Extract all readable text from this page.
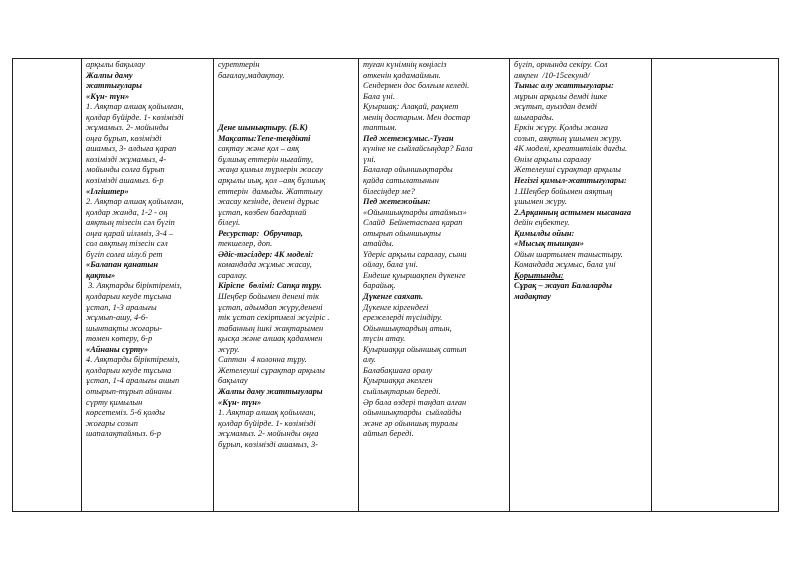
арқылы бақылау
Жалпы даму
жаттығулары
«Күн- түн»
1. Аяқтар алшақ қойылған,
қолдар бүйірде. 1- көзімізді
жұмамыз. 2- мойынды
оңға бұрып, көзімізді
ашамыз, 3- алдыға қарап
көзімізді жұмамыз, 4-
мойынды солға бұрып
көзімізді ашамыз. 6-р
«Ілгіштер»
2. Аяқтар алшақ қойылған,
қолдар жанда, 1-2 - оң
аяқтың тізесін сәл бүгіп
оңға қарай иіләміз, 3-4 –
сол аяқтың тізесін сәл
бүгіп солға иілу.6 рет
«Балапан қанатын
қақты»
3. Аяқтарды біріктіреміз,
қолдарыи кеуде тұсына
ұстап, 1-3 аралығы
жұмып-ашу, 4-6-
шынтақты жоғары-
төмен көтеру, 6-р
«Айнаны сүрту»
4. Аяқтарды біріктіреміз,
қолдарыи кеуде тұсына
ұстап, 1-4 аралығы ашып
отырып-тұрып айнаны
сүрту қимылын
көрсетеміз. 5-6 қолды
жоғары созып
шапалақтаймыз. 6-р

суреттерін
бағалау,мадақтау.

Дене шынықтыру. (Б.К)
Мақсаты:Тепе-теңдікті
сақтау және қол – аяқ
бұлшық еттерін нығайту,
жаңа қимыл түрлерін жасау
арқылы иық, қол –аяқ бұлшық
еттерін  дамыды. Жаттығу
жасау кезінде, денені дұрыс
ұстап, көзбен бағдарлай
білеуі.
Ресурстар:  Обручтар,
текшелер, доп.
Әдіс-тәсілдер: 4К моделі:
командада жұмыс жасау,
саралау.
Кіріспе  бөлімі: Сапқа тұру.
Шеңбер бойымен денені тік
ұстап, адымдап жүру,денені
тік ұстап секіртмелі жүгіріс .
табанның ішкі жақтарымен
қысқа және алшақ қадаммен
жүру.
Саптан  4 колонна тұру.
Жетелеуші сұрақтар арқылы
бақылау
Жалпы даму жаттығулары
«Күн- түн»
1. Аяқтар алшақ қойылған,
қолдар бүйірде. 1- көзімізді
жұмамыз. 2- мойынды оңға
бұрып, көзімізді ашамыз, 3-

туған күнімнің көңілсіз
өткенін қадамаймын.
Сендермен дос болғым келеді.
Бала үні.
Қуыршақ: Алақай, рақмет
менің достарым. Мен достар
таптым.
Пед жетежұмыс.-Туған
күніне не сыйлайсыңдар? Бала
үні.
Балалар ойыншықтарды
қайда сатылатынын
білесіңдер ме?
Пед жетежойын:
«Ойыншықтарды атаймыз»
Слайд  Бейнетаспаға қарап
отырып ойыншықты
атайды.
Үдеріс арқылы саралау, сыни
ойлау, бала үні.
Ендеше қуыршақпен дүкенге
барайық.
Дүкенге саяхат.
Дүкенге кіргендегі
ережелерді түсіндіру.
Ойыншықтардың атын,
түсін атау.
Қуыршаққа ойыншық сатып
алу.
Балабақшаға оралу
Қуыршаққа әкелген
сыйлықтарын береді.
Әр бала өздері таңдап алған
ойыншықтарды  сыйлайды
және әр ойыншық туралы
айтып береді.

бүгіп, орнында секіру. Сол
аяқпен  /10-15секунд/
Тыныс алу жаттығулары:
мұрын арқылы демді ішке
жұтып, ауыздан демді
шығарады.
Еркін жүру. Қолды жанға
созып, аяқтың ұшымен жүру.
4К моделі, креативтілік дағды.
Өнім арқылы саралау
Жетелеуші сұрақтар арқылы
Негізгі қимыл-жаттығулары:
1.Шеңбер бойымен аяқтың
ұшымен жүру.
2.Арқанның астымен нысанаға
дейін еңбектеу.
Қимылды ойын:
«Мысық тышқан»
Ойын шартымен таныстыру.
Командада жұмыс, бала үні
Қорытынды:
Сұрақ – жауап Балаларды
мадақтау
